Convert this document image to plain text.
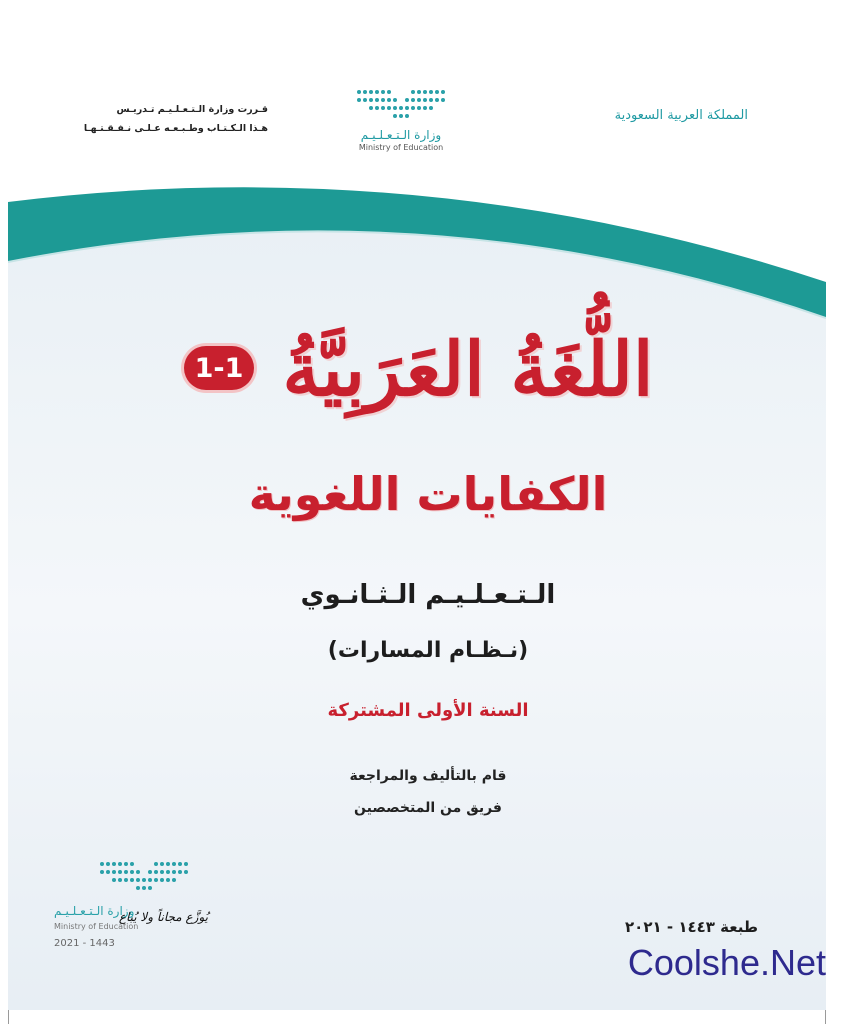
المملكة العربية السعودية
قـررت وزارة الـتـعـلـيـم تـدريـس
هـذا الـكـتـاب وطـبـعـه عـلـى نـفـقـتـهـا	وزارة الـتـعـلـيـم
Ministry of Education
1-1 اللُّغَةُ العَرَبِيَّةُ
الكفايات اللغوية
الـتـعـلـيـم الـثـانـوي
(نـظـام المسارات)
السنة الأولى المشتركة
قام بالتأليف والمراجعة
فريق من المتخصصين
وزارة الـتـعـلـيـم
Ministry of Education
2021 - 1443
يُوزَّع مجاناً ولا يُباع
طبعة ١٤٤٣ - ٢٠٢١
Coolshe.Net
